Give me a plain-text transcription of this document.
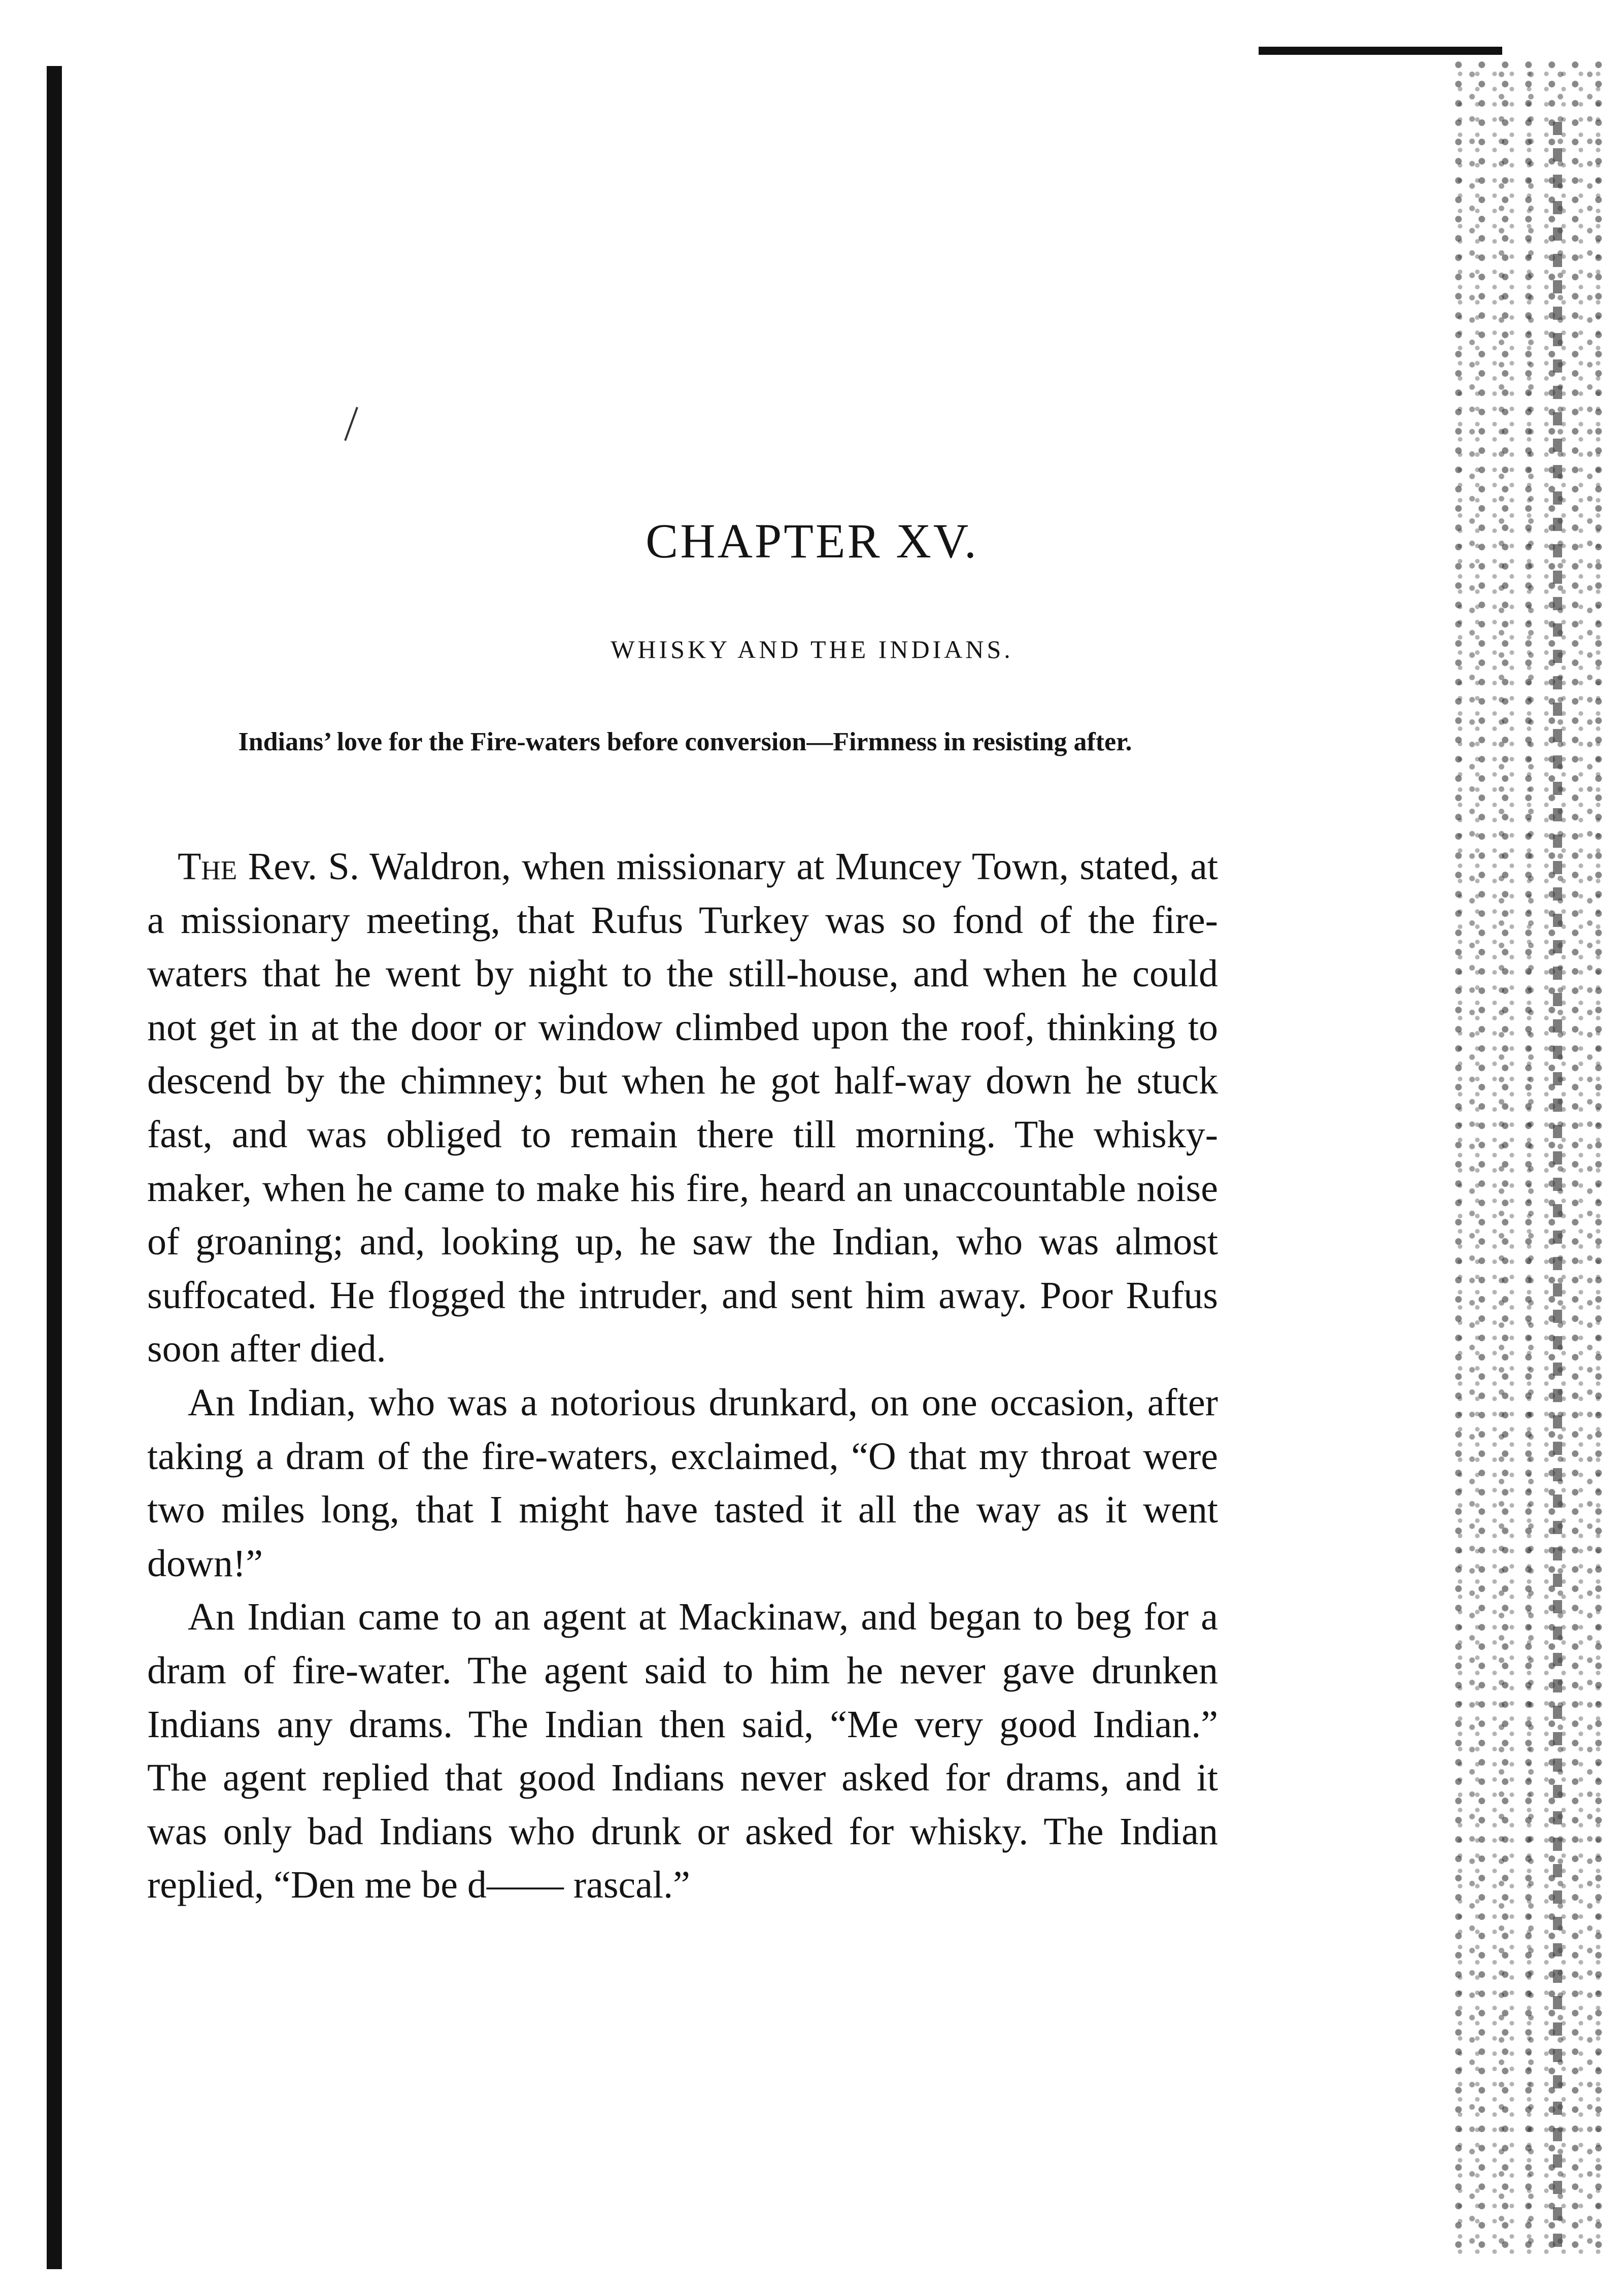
CHAPTER XV.
WHISKY AND THE INDIANS.

Indians’ love for the Fire-waters before conversion—Firmness in resisting after.

The Rev. S. Waldron, when missionary at Muncey Town, stated, at a missionary meeting, that Rufus Turkey was so fond of the fire-waters that he went by night to the still-house, and when he could not get in at the door or window climbed upon the roof, thinking to descend by the chimney; but when he got half-way down he stuck fast, and was obliged to remain there till morning. The whisky-maker, when he came to make his fire, heard an unaccountable noise of groaning; and, looking up, he saw the Indian, who was almost suffocated. He flogged the intruder, and sent him away. Poor Rufus soon after died.

An Indian, who was a notorious drunkard, on one occasion, after taking a dram of the fire-waters, exclaimed, “O that my throat were two miles long, that I might have tasted it all the way as it went down!”

An Indian came to an agent at Mackinaw, and began to beg for a dram of fire-water. The agent said to him he never gave drunken Indians any drams. The Indian then said, “Me very good Indian.” The agent replied that good Indians never asked for drams, and it was only bad Indians who drunk or asked for whisky. The Indian replied, “Den me be d—— rascal.”
